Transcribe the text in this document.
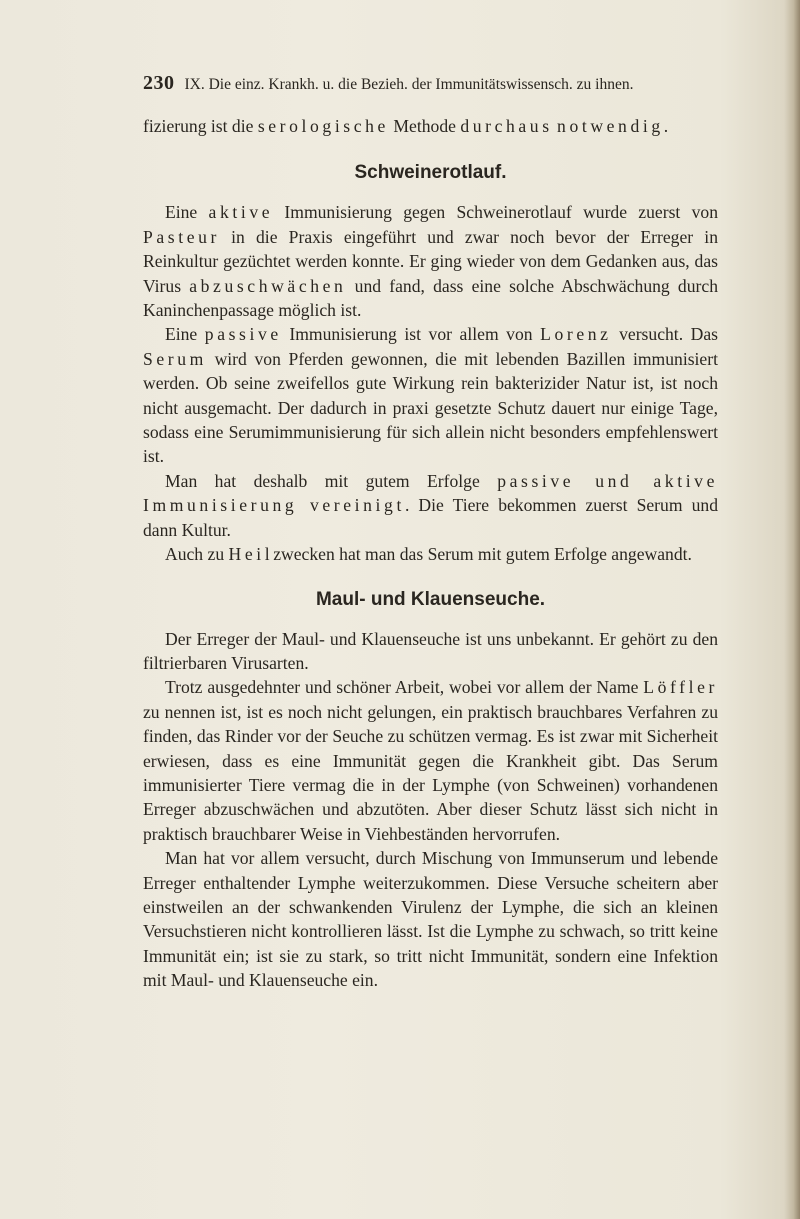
230 IX. Die einz. Krankh. u. die Bezieh. der Immunitätswissensch. zu ihnen.

fizierung ist die serologische Methode durchaus notwendig.

Schweinerotlauf.

Eine aktive Immunisierung gegen Schweinerotlauf wurde zuerst von Pasteur in die Praxis eingeführt und zwar noch bevor der Erreger in Reinkultur gezüchtet werden konnte. Er ging wieder von dem Gedanken aus, das Virus abzuschwächen und fand, dass eine solche Abschwächung durch Kaninchenpassage möglich ist.

Eine passive Immunisierung ist vor allem von Lorenz versucht. Das Serum wird von Pferden gewonnen, die mit lebenden Bazillen immunisiert werden. Ob seine zweifellos gute Wirkung rein bakterizider Natur ist, ist noch nicht ausgemacht. Der dadurch in praxi gesetzte Schutz dauert nur einige Tage, sodass eine Serumimmunisierung für sich allein nicht besonders empfehlenswert ist.

Man hat deshalb mit gutem Erfolge passive und aktive Immunisierung vereinigt. Die Tiere bekommen zuerst Serum und dann Kultur.

Auch zu Heilzwecken hat man das Serum mit gutem Erfolge angewandt.

Maul- und Klauenseuche.

Der Erreger der Maul- und Klauenseuche ist uns unbekannt. Er gehört zu den filtrierbaren Virusarten.

Trotz ausgedehnter und schöner Arbeit, wobei vor allem der Name Löffler zu nennen ist, ist es noch nicht gelungen, ein praktisch brauchbares Verfahren zu finden, das Rinder vor der Seuche zu schützen vermag. Es ist zwar mit Sicherheit erwiesen, dass es eine Immunität gegen die Krankheit gibt. Das Serum immunisierter Tiere vermag die in der Lymphe (von Schweinen) vorhandenen Erreger abzuschwächen und abzutöten. Aber dieser Schutz lässt sich nicht in praktisch brauchbarer Weise in Viehbeständen hervorrufen.

Man hat vor allem versucht, durch Mischung von Immunserum und lebende Erreger enthaltender Lymphe weiterzukommen. Diese Versuche scheitern aber einstweilen an der schwankenden Virulenz der Lymphe, die sich an kleinen Versuchstieren nicht kontrollieren lässt. Ist die Lymphe zu schwach, so tritt keine Immunität ein; ist sie zu stark, so tritt nicht Immunität, sondern eine Infektion mit Maul- und Klauenseuche ein.
